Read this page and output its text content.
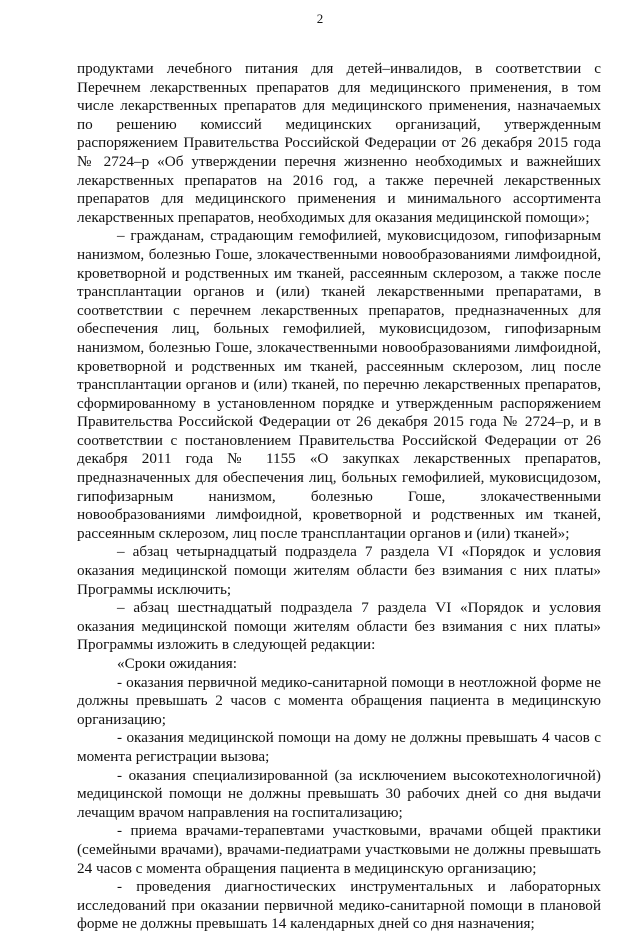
2

продуктами лечебного питания для детей–инвалидов, в соответствии с Перечнем лекарственных препаратов для медицинского применения, в том числе лекарственных препаратов для медицинского применения, назначаемых по решению комиссий медицинских организаций, утвержденным распоряжением Правительства Российской Федерации от 26 декабря 2015 года № 2724–р «Об утверждении перечня жизненно необходимых и важнейших лекарственных препаратов на 2016 год, а также перечней лекарственных препаратов для медицинского применения и минимального ассортимента лекарственных препаратов, необходимых для оказания медицинской помощи»;

– гражданам, страдающим гемофилией, муковисцидозом, гипофизарным нанизмом, болезнью Гоше, злокачественными новообразованиями лимфоидной, кроветворной и родственных им тканей, рассеянным склерозом, а также после трансплантации органов и (или) тканей лекарственными препаратами, в соответствии с перечнем лекарственных препаратов, предназначенных для обеспечения лиц, больных гемофилией, муковисцидозом, гипофизарным нанизмом, болезнью Гоше, злокачественными новообразованиями лимфоидной, кроветворной и родственных им тканей, рассеянным склерозом, лиц после трансплантации органов и (или) тканей, по перечню лекарственных препаратов, сформированному в установленном порядке и утвержденным распоряжением Правительства Российской Федерации от 26 декабря 2015 года № 2724–р, и в соответствии с постановлением Правительства Российской Федерации от 26 декабря 2011 года № 1155 «О закупках лекарственных препаратов, предназначенных для обеспечения лиц, больных гемофилией, муковисцидозом, гипофизарным нанизмом, болезнью Гоше, злокачественными новообразованиями лимфоидной, кроветворной и родственных им тканей, рассеянным склерозом, лиц после трансплантации органов и (или) тканей»;

– абзац четырнадцатый подраздела 7 раздела VI «Порядок и условия оказания медицинской помощи жителям области без взимания с них платы» Программы исключить;

– абзац шестнадцатый подраздела 7 раздела VI «Порядок и условия оказания медицинской помощи жителям области без взимания с них платы» Программы изложить в следующей редакции:

«Сроки ожидания:

- оказания первичной медико-санитарной помощи в неотложной форме не должны превышать 2 часов с момента обращения пациента в медицинскую организацию;

- оказания медицинской помощи на дому не должны превышать 4 часов с момента регистрации вызова;

- оказания специализированной (за исключением высокотехнологичной) медицинской помощи не должны превышать 30 рабочих дней со дня выдачи лечащим врачом направления на госпитализацию;

- приема врачами-терапевтами участковыми, врачами общей практики (семейными врачами), врачами-педиатрами участковыми не должны превышать 24 часов с момента обращения пациента в медицинскую организацию;

- проведения диагностических инструментальных и лабораторных исследований при оказании первичной медико-санитарной помощи в плановой форме не должны превышать 14 календарных дней со дня назначения;
